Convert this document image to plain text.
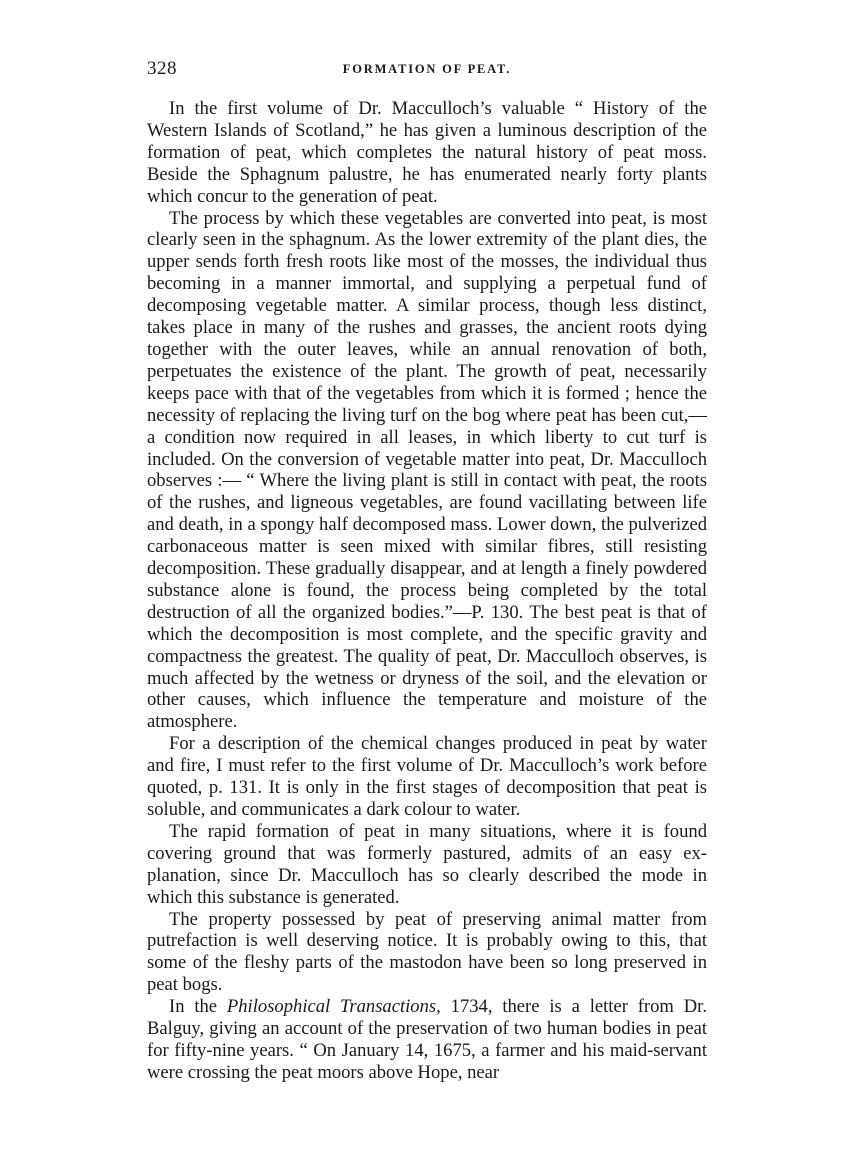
328	FORMATION OF PEAT.

In the first volume of Dr. Macculloch’s valuable “ History of the Western Islands of Scotland,” he has given a luminous description of the formation of peat, which completes the natural history of peat moss. Beside the Sphagnum palustre, he has enumerated nearly forty plants which concur to the generation of peat.

The process by which these vegetables are converted into peat, is most clearly seen in the sphagnum. As the lower extremity of the plant dies, the upper sends forth fresh roots like most of the mosses, the individual thus becoming in a manner immortal, and supplying a perpetual fund of decomposing vegetable matter. A similar process, though less distinct, takes place in many of the rushes and grasses, the ancient roots dying together with the outer leaves, while an annual renovation of both, perpetuates the existence of the plant. The growth of peat, necessarily keeps pace with that of the vegetables from which it is formed ; hence the necessity of replacing the living turf on the bog where peat has been cut,—a condition now required in all leases, in which liberty to cut turf is included. On the conversion of vegetable matter into peat, Dr. Macculloch observes :— “ Where the living plant is still in contact with peat, the roots of the rushes, and ligneous vegetables, are found vacillating between life and death, in a spongy half decomposed mass. Lower down, the pulverized carbonaceous matter is seen mixed with similar fibres, still resisting decomposition. These gradually disappear, and at length a finely powdered substance alone is found, the process being completed by the total destruction of all the organized bodies.”—P. 130. The best peat is that of which the decomposition is most complete, and the specific gravity and compactness the greatest. The quality of peat, Dr. Macculloch observes, is much affected by the wetness or dryness of the soil, and the elevation or other causes, which influence the temperature and moisture of the atmosphere.

For a description of the chemical changes produced in peat by water and fire, I must refer to the first volume of Dr. Macculloch’s work before quoted, p. 131. It is only in the first stages of decomposition that peat is soluble, and communicates a dark colour to water.

The rapid formation of peat in many situations, where it is found covering ground that was formerly pastured, admits of an easy explanation, since Dr. Macculloch has so clearly described the mode in which this substance is generated.

The property possessed by peat of preserving animal matter from putrefaction is well deserving notice. It is probably owing to this, that some of the fleshy parts of the mastodon have been so long preserved in peat bogs.

In the Philosophical Transactions, 1734, there is a letter from Dr. Balguy, giving an account of the preservation of two human bodies in peat for fifty-nine years. “ On January 14, 1675, a farmer and his maid-servant were crossing the peat moors above Hope, near
